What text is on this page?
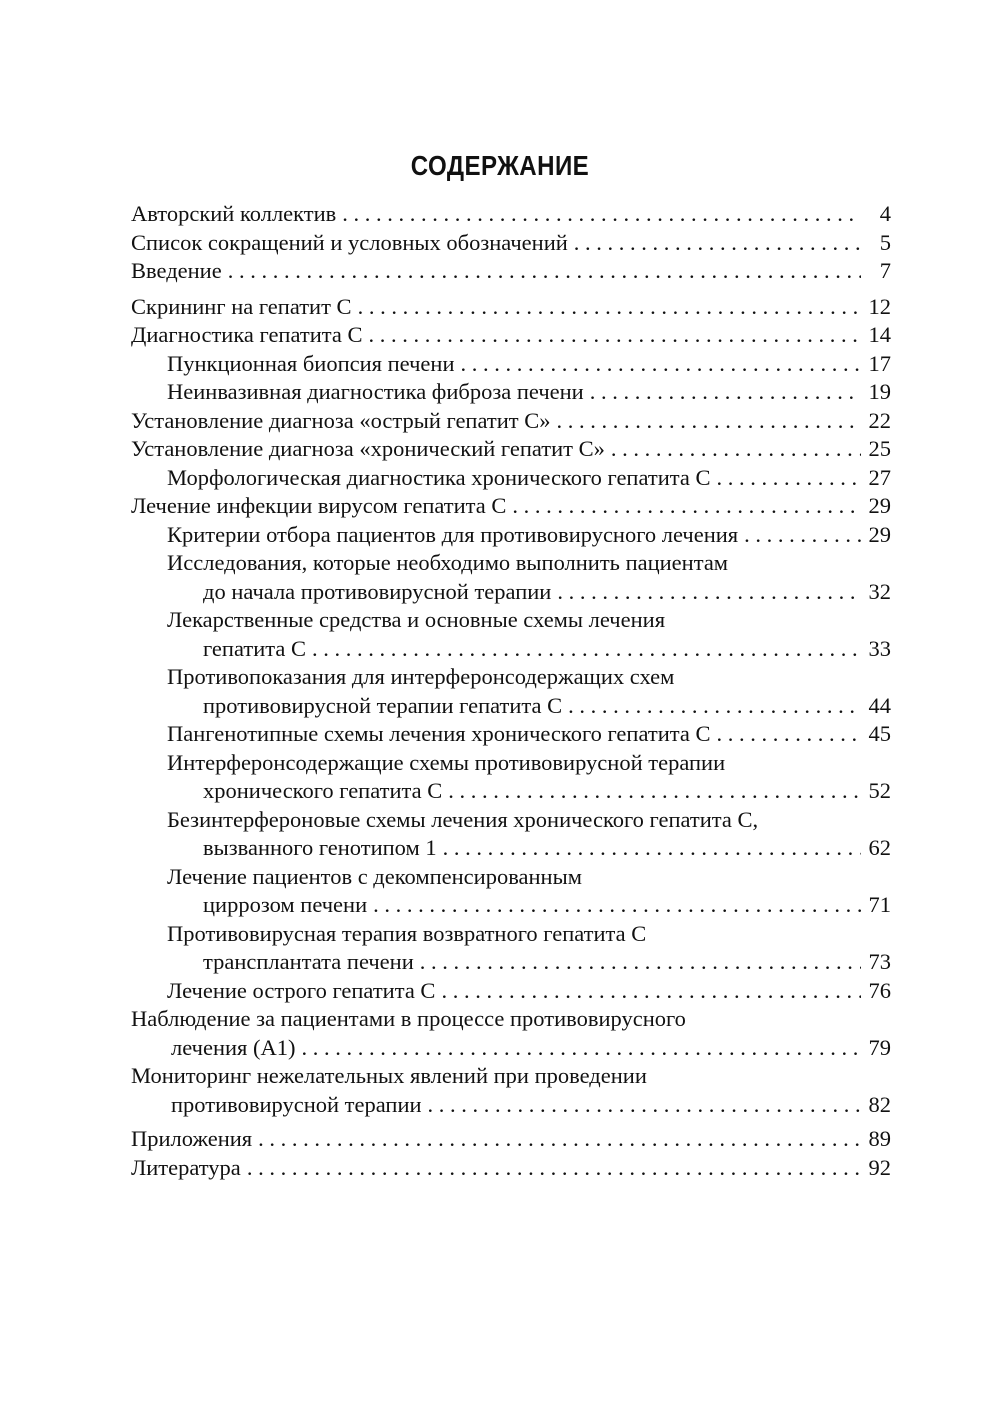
СОДЕРЖАНИЕ
Авторский коллектив . . .	4
Список сокращений и условных обозначений . . .	5
Введение . . .	7
Скрининг на гепатит С . . .	12
Диагностика гепатита С . . .	14
Пункционная биопсия печени . . .	17
Неинвазивная диагностика фиброза печени . . .	19
Установление диагноза «острый гепатит С» . . .	22
Установление диагноза «хронический гепатит С» . . .	25
Морфологическая диагностика хронического гепатита С . . .	27
Лечение инфекции вирусом гепатита С . . .	29
Критерии отбора пациентов для противовирусного лечения . . .	29
Исследования, которые необходимо выполнить пациентам
до начала противовирусной терапии . . .	32
Лекарственные средства и основные схемы лечения
гепатита С . . .	33
Противопоказания для интерферонсодержащих схем
противовирусной терапии гепатита С . . .	44
Пангенотипные схемы лечения хронического гепатита С . . .	45
Интерферонсодержащие схемы противовирусной терапии
хронического гепатита С . . .	52
Безинтерфероновые схемы лечения хронического гепатита С,
вызванного генотипом 1 . . .	62
Лечение пациентов с декомпенсированным
циррозом печени . . .	71
Противовирусная терапия возвратного гепатита С
трансплантата печени . . .	73
Лечение острого гепатита С . . .	76
Наблюдение за пациентами в процессе противовирусного
лечения (А1) . . .	79
Мониторинг нежелательных явлений при проведении
противовирусной терапии . . .	82
Приложения . . .	89
Литература . . .	92
